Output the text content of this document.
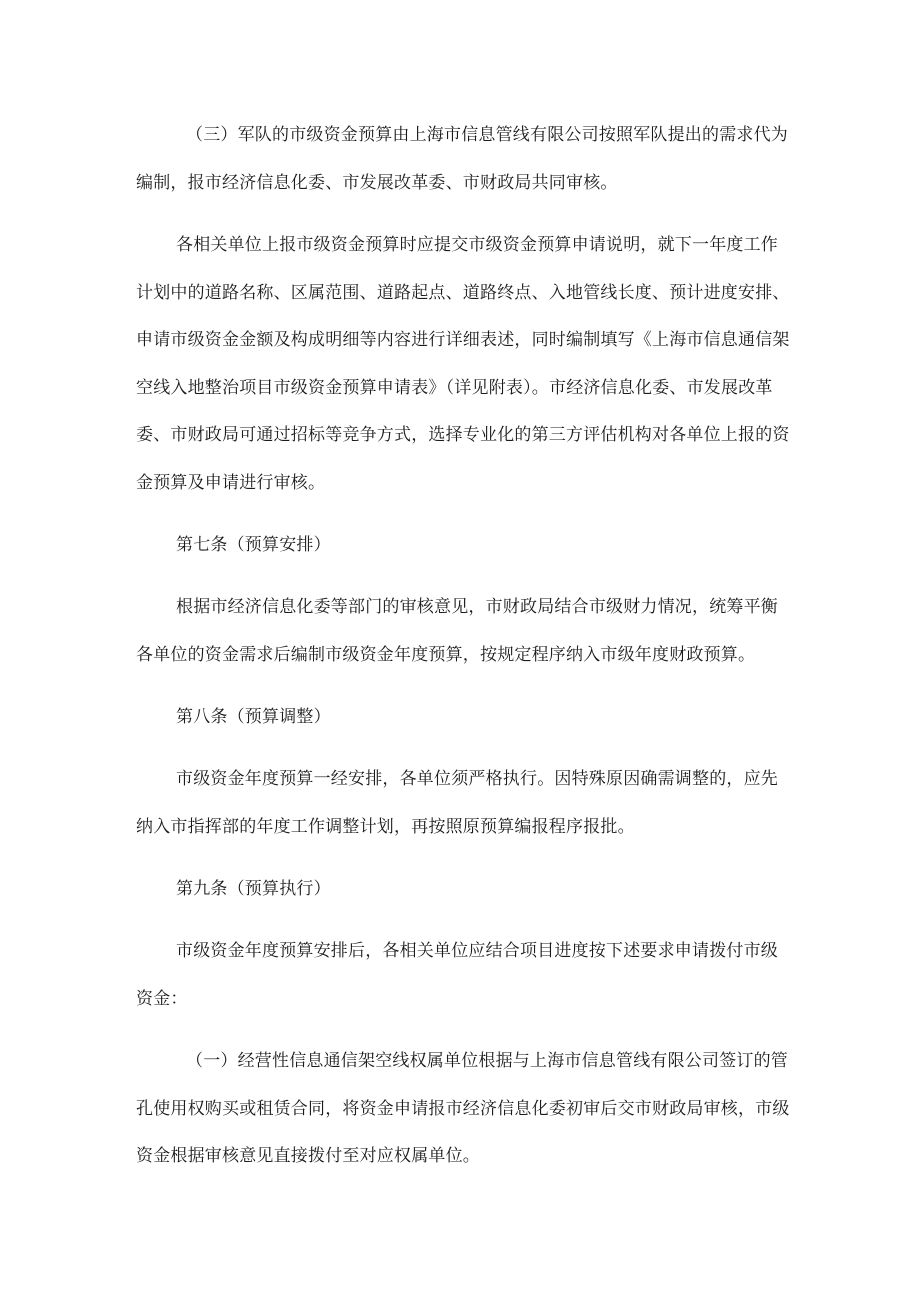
（三）军队的市级资金预算由上海市信息管线有限公司按照军队提出的需求代为
编制，报市经济信息化委、市发展改革委、市财政局共同审核。
各相关单位上报市级资金预算时应提交市级资金预算申请说明，就下一年度工作
计划中的道路名称、区属范围、道路起点、道路终点、入地管线长度、预计进度安排、
申请市级资金金额及构成明细等内容进行详细表述，同时编制填写《上海市信息通信架
空线入地整治项目市级资金预算申请表》（详见附表）。市经济信息化委、市发展改革
委、市财政局可通过招标等竞争方式，选择专业化的第三方评估机构对各单位上报的资
金预算及申请进行审核。
第七条（预算安排）
根据市经济信息化委等部门的审核意见，市财政局结合市级财力情况，统筹平衡
各单位的资金需求后编制市级资金年度预算，按规定程序纳入市级年度财政预算。
第八条（预算调整）
市级资金年度预算一经安排，各单位须严格执行。因特殊原因确需调整的，应先
纳入市指挥部的年度工作调整计划，再按照原预算编报程序报批。
第九条（预算执行）
市级资金年度预算安排后，各相关单位应结合项目进度按下述要求申请拨付市级
资金：
（一）经营性信息通信架空线权属单位根据与上海市信息管线有限公司签订的管
孔使用权购买或租赁合同，将资金申请报市经济信息化委初审后交市财政局审核，市级
资金根据审核意见直接拨付至对应权属单位。
